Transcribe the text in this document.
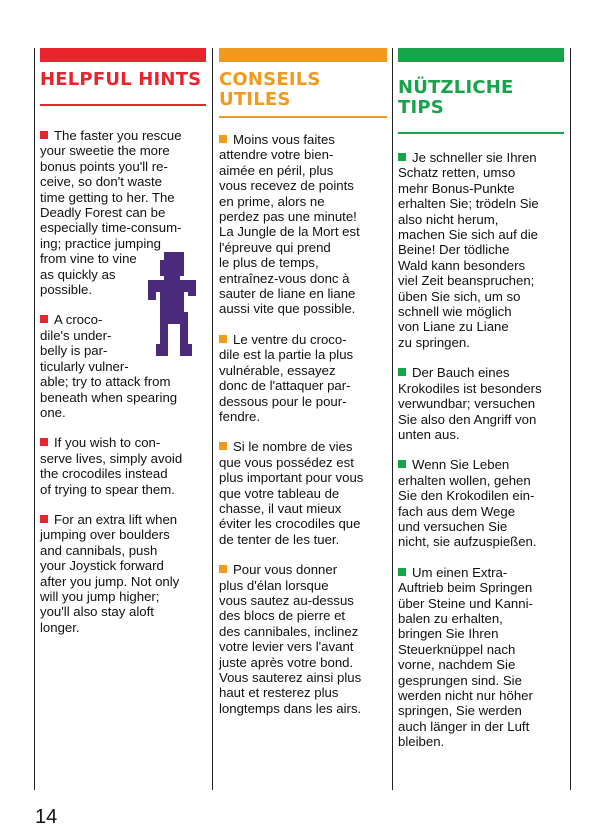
HELPFUL HINTS
The faster you rescue
your sweetie the more
bonus points you'll re-
ceive, so don't waste
time getting to her. The
Deadly Forest can be
especially time-consum-
ing; practice jumping
from vine to vine
as quickly as
possible.
A croco-
dile's under-
belly is par-
ticularly vulner-
able; try to attack from
beneath when spearing
one.
If you wish to con-
serve lives, simply avoid
the crocodiles instead
of trying to spear them.
For an extra lift when
jumping over boulders
and cannibals, push
your Joystick forward
after you jump. Not only
will you jump higher;
you'll also stay aloft
longer.
CONSEILS
UTILES
Moins vous faites
attendre votre bien-
aimée en péril, plus
vous recevez de points
en prime, alors ne
perdez pas une minute!
La Jungle de la Mort est
l'épreuve qui prend
le plus de temps,
entraînez-vous donc à
sauter de liane en liane
aussi vite que possible.
Le ventre du croco-
dile est la partie la plus
vulnérable, essayez
donc de l'attaquer par-
dessous pour le pour-
fendre.
Si le nombre de vies
que vous possédez est
plus important pour vous
que votre tableau de
chasse, il vaut mieux
éviter les crocodiles que
de tenter de les tuer.
Pour vous donner
plus d'élan lorsque
vous sautez au-dessus
des blocs de pierre et
des cannibales, inclinez
votre levier vers l'avant
juste après votre bond.
Vous sauterez ainsi plus
haut et resterez plus
longtemps dans les airs.
NÜTZLICHE TIPS
Je schneller sie Ihren
Schatz retten, umso
mehr Bonus-Punkte
erhalten Sie; trödeln Sie
also nicht herum,
machen Sie sich auf die
Beine! Der tödliche
Wald kann besonders
viel Zeit beanspruchen;
üben Sie sich, um so
schnell wie möglich
von Liane zu Liane
zu springen.
Der Bauch eines
Krokodiles ist besonders
verwundbar; versuchen
Sie also den Angriff von
unten aus.
Wenn Sie Leben
erhalten wollen, gehen
Sie den Krokodilen ein-
fach aus dem Wege
und versuchen Sie
nicht, sie aufzuspießen.
Um einen Extra-
Auftrieb beim Springen
über Steine und Kanni-
balen zu erhalten,
bringen Sie Ihren
Steuerknüppel nach
vorne, nachdem Sie
gesprungen sind. Sie
werden nicht nur höher
springen, Sie werden
auch länger in der Luft
bleiben.
14
